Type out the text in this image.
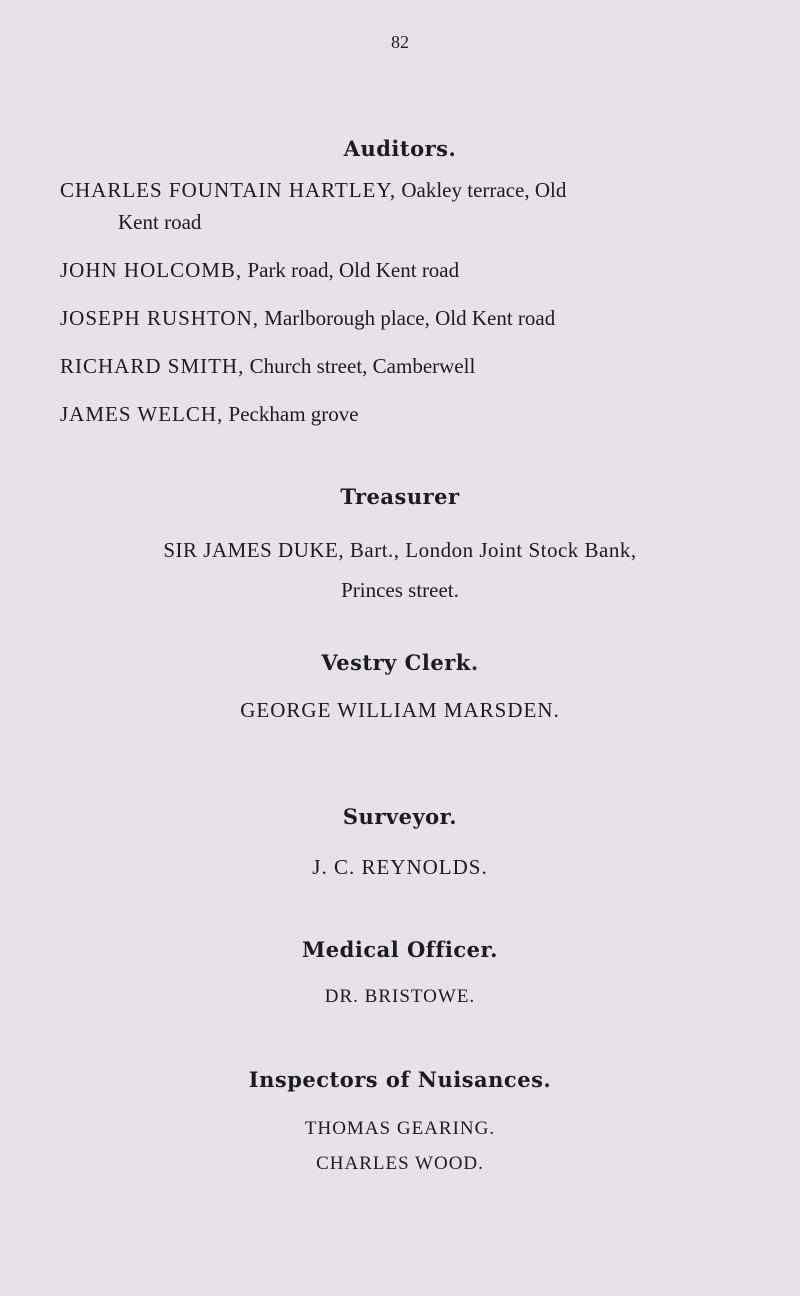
82
Auditors.
CHARLES FOUNTAIN HARTLEY, Oakley terrace, Old
Kent road
JOHN HOLCOMB, Park road, Old Kent road
JOSEPH RUSHTON, Marlborough place, Old Kent road
RICHARD SMITH, Church street, Camberwell
JAMES WELCH, Peckham grove
Treasurer
SIR JAMES DUKE, Bart., London Joint Stock Bank,
Princes street.
Vestry Clerk.
GEORGE WILLIAM MARSDEN.
Surveyor.
J. C. REYNOLDS.
Medical Officer.
DR. BRISTOWE.
Inspectors of Nuisances.
THOMAS GEARING.
CHARLES WOOD.
